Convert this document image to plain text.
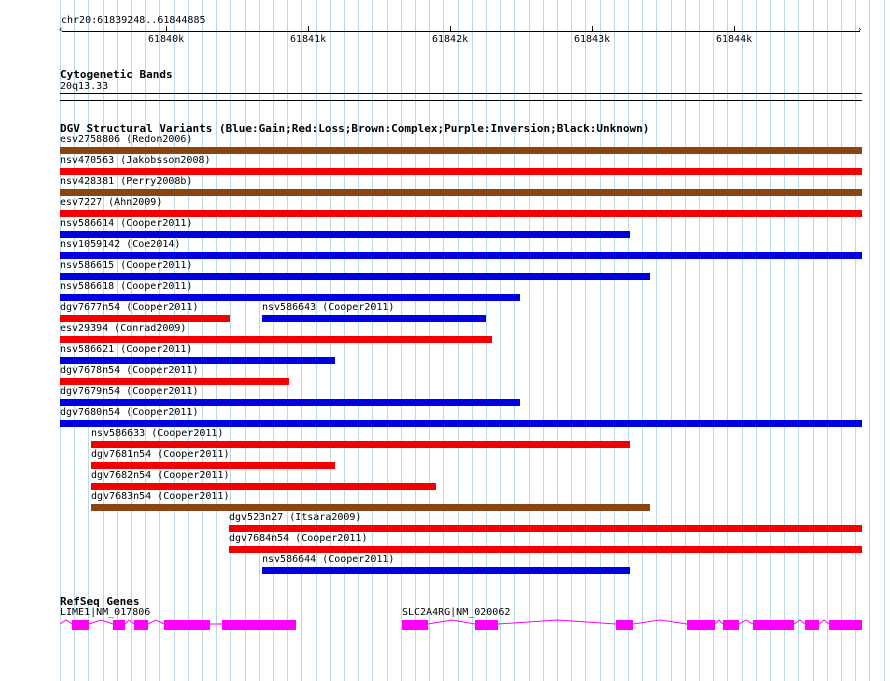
chr20:61839248..61844885
‹	›
61840k	61841k	61842k	61843k	61844k
Cytogenetic Bands
20q13.33
DGV Structural Variants (Blue:Gain;Red:Loss;Brown:Complex;Purple:Inversion;Black:Unknown)
esv2758806 (Redon2006)
nsv470563 (Jakobsson2008)
nsv428381 (Perry2008b)
esv7227 (Ahn2009)
nsv586614 (Cooper2011)
nsv1059142 (Coe2014)
nsv586615 (Cooper2011)
nsv586618 (Cooper2011)
dgv7677n54 (Cooper2011)	nsv586643 (Cooper2011)
esv29394 (Conrad2009)
nsv586621 (Cooper2011)
dgv7678n54 (Cooper2011)
dgv7679n54 (Cooper2011)
dgv7680n54 (Cooper2011)
nsv586633 (Cooper2011)
dgv7681n54 (Cooper2011)
dgv7682n54 (Cooper2011)
dgv7683n54 (Cooper2011)
dgv523n27 (Itsara2009)
dgv7684n54 (Cooper2011)
nsv586644 (Cooper2011)
RefSeq Genes
LIME1|NM_017806	SLC2A4RG|NM_020062
